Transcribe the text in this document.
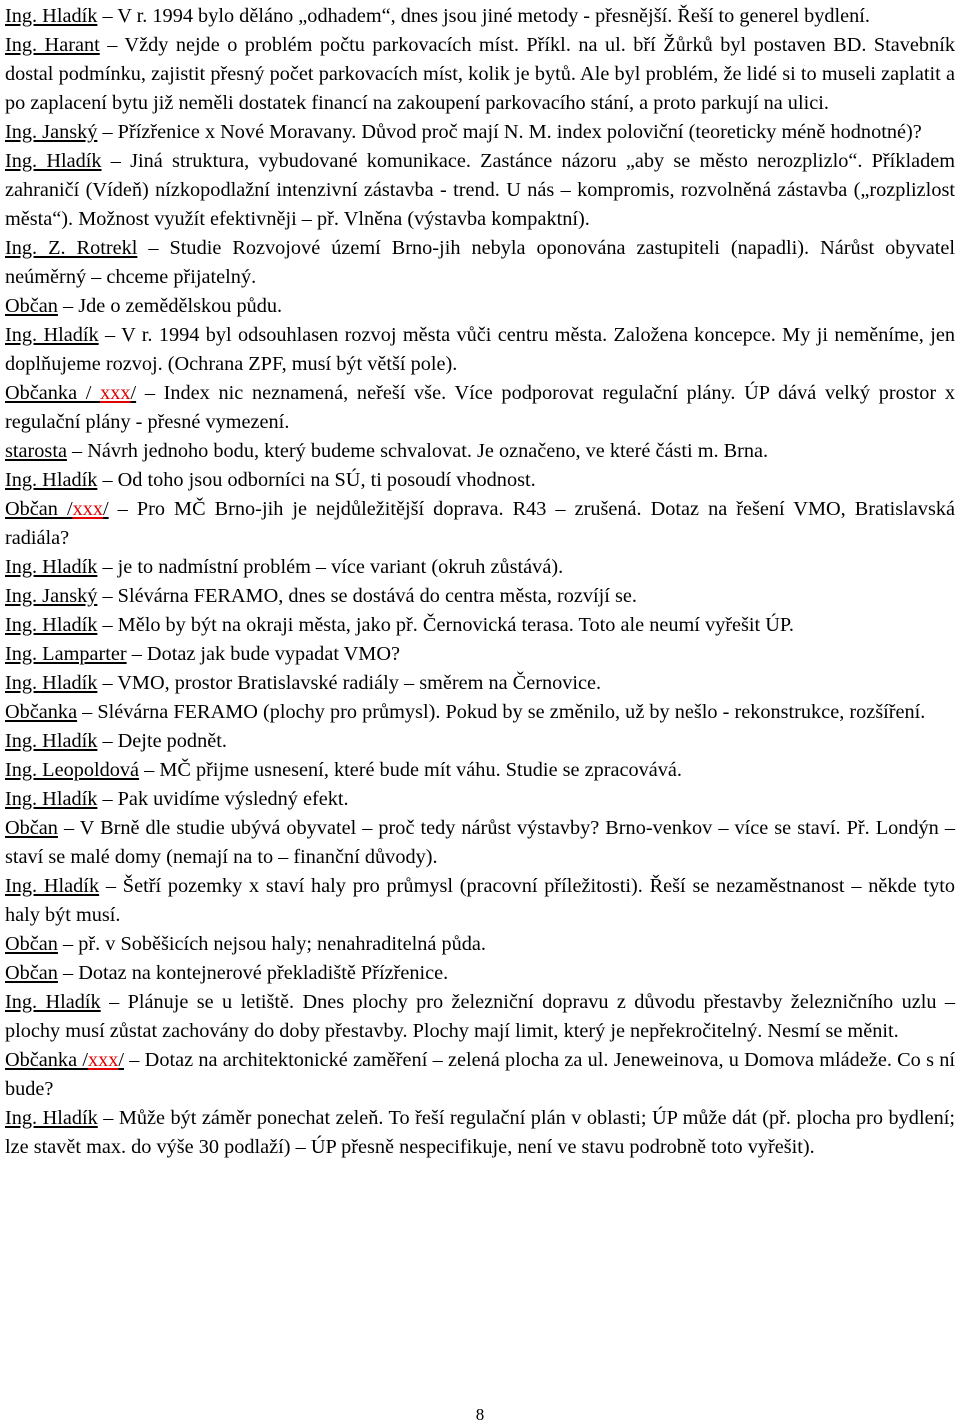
Ing. Hladík – V r. 1994 bylo děláno „odhadem“, dnes jsou jiné metody - přesnější. Řeší to generel bydlení.

Ing. Harant – Vždy nejde o problém počtu parkovacích míst. Příkl. na ul. bří Žůrků byl postaven BD. Stavebník dostal podmínku, zajistit přesný počet parkovacích míst, kolik je bytů. Ale byl problém, že lidé si to museli zaplatit a po zaplacení bytu již neměli dostatek financí na zakoupení parkovacího stání, a proto parkují na ulici.

Ing. Janský – Přízřenice x Nové Moravany. Důvod proč mají N. M. index poloviční (teoreticky méně hodnotné)?

Ing. Hladík – Jiná struktura, vybudované komunikace. Zastánce názoru „aby se město nerozplizlo“. Příkladem zahraničí (Vídeň) nízkopodlažní intenzivní zástavba - trend. U nás – kompromis, rozvolněná zástavba („rozplizlost města“). Možnost využít efektivněji – př. Vlněna (výstavba kompaktní).

Ing. Z. Rotrekl – Studie Rozvojové území Brno-jih nebyla oponována zastupiteli (napadli). Nárůst obyvatel neúměrný – chceme přijatelný.

Občan – Jde o zemědělskou půdu.

Ing. Hladík – V r. 1994 byl odsouhlasen rozvoj města vůči centru města. Založena koncepce. My ji neměníme, jen doplňujeme rozvoj. (Ochrana ZPF, musí být větší pole).

Občanka / xxx/ – Index nic neznamená, neřeší vše. Více podporovat regulační plány. ÚP dává velký prostor x regulační plány - přesné vymezení.

starosta – Návrh jednoho bodu, který budeme schvalovat. Je označeno, ve které části m. Brna.

Ing. Hladík – Od toho jsou odborníci na SÚ, ti posoudí vhodnost.

Občan /xxx/ – Pro MČ Brno-jih je nejdůležitější doprava. R43 – zrušená. Dotaz na řešení VMO, Bratislavská radiála?

Ing. Hladík – je to nadmístní problém – více variant (okruh zůstává).

Ing. Janský – Slévárna FERAMO, dnes se dostává do centra města, rozvíjí se.

Ing. Hladík – Mělo by být na okraji města, jako př. Černovická terasa. Toto ale neumí vyřešit ÚP.

Ing. Lamparter – Dotaz jak bude vypadat VMO?

Ing. Hladík – VMO, prostor Bratislavské radiály – směrem na Černovice.

Občanka – Slévárna FERAMO (plochy pro průmysl). Pokud by se změnilo, už by nešlo - rekonstrukce, rozšíření.

Ing. Hladík – Dejte podnět.

Ing. Leopoldová – MČ přijme usnesení, které bude mít váhu. Studie se zpracovává.

Ing. Hladík – Pak uvidíme výsledný efekt.

Občan – V Brně dle studie ubývá obyvatel – proč tedy nárůst výstavby? Brno-venkov – více se staví. Př. Londýn – staví se malé domy (nemají na to – finanční důvody).

Ing. Hladík – Šetří pozemky x staví haly pro průmysl (pracovní příležitosti). Řeší se nezaměstnanost – někde tyto haly být musí.

Občan – př. v Soběšicích nejsou haly; nenahraditelná půda.

Občan – Dotaz na kontejnerové překladiště Přízřenice.

Ing. Hladík – Plánuje se u letiště. Dnes plochy pro železniční dopravu z důvodu přestavby železničního uzlu – plochy musí zůstat zachovány do doby přestavby. Plochy mají limit, který je nepřekročitelný. Nesmí se měnit.

Občanka /xxx/ – Dotaz na architektonické zaměření – zelená plocha za ul. Jeneweinova, u Domova mládeže. Co s ní bude?

Ing. Hladík – Může být záměr ponechat zeleň. To řeší regulační plán v oblasti; ÚP může dát (př. plocha pro bydlení; lze stavět max. do výše 30 podlaží) – ÚP přesně nespecifikuje, není ve stavu podrobně toto vyřešit).

8
